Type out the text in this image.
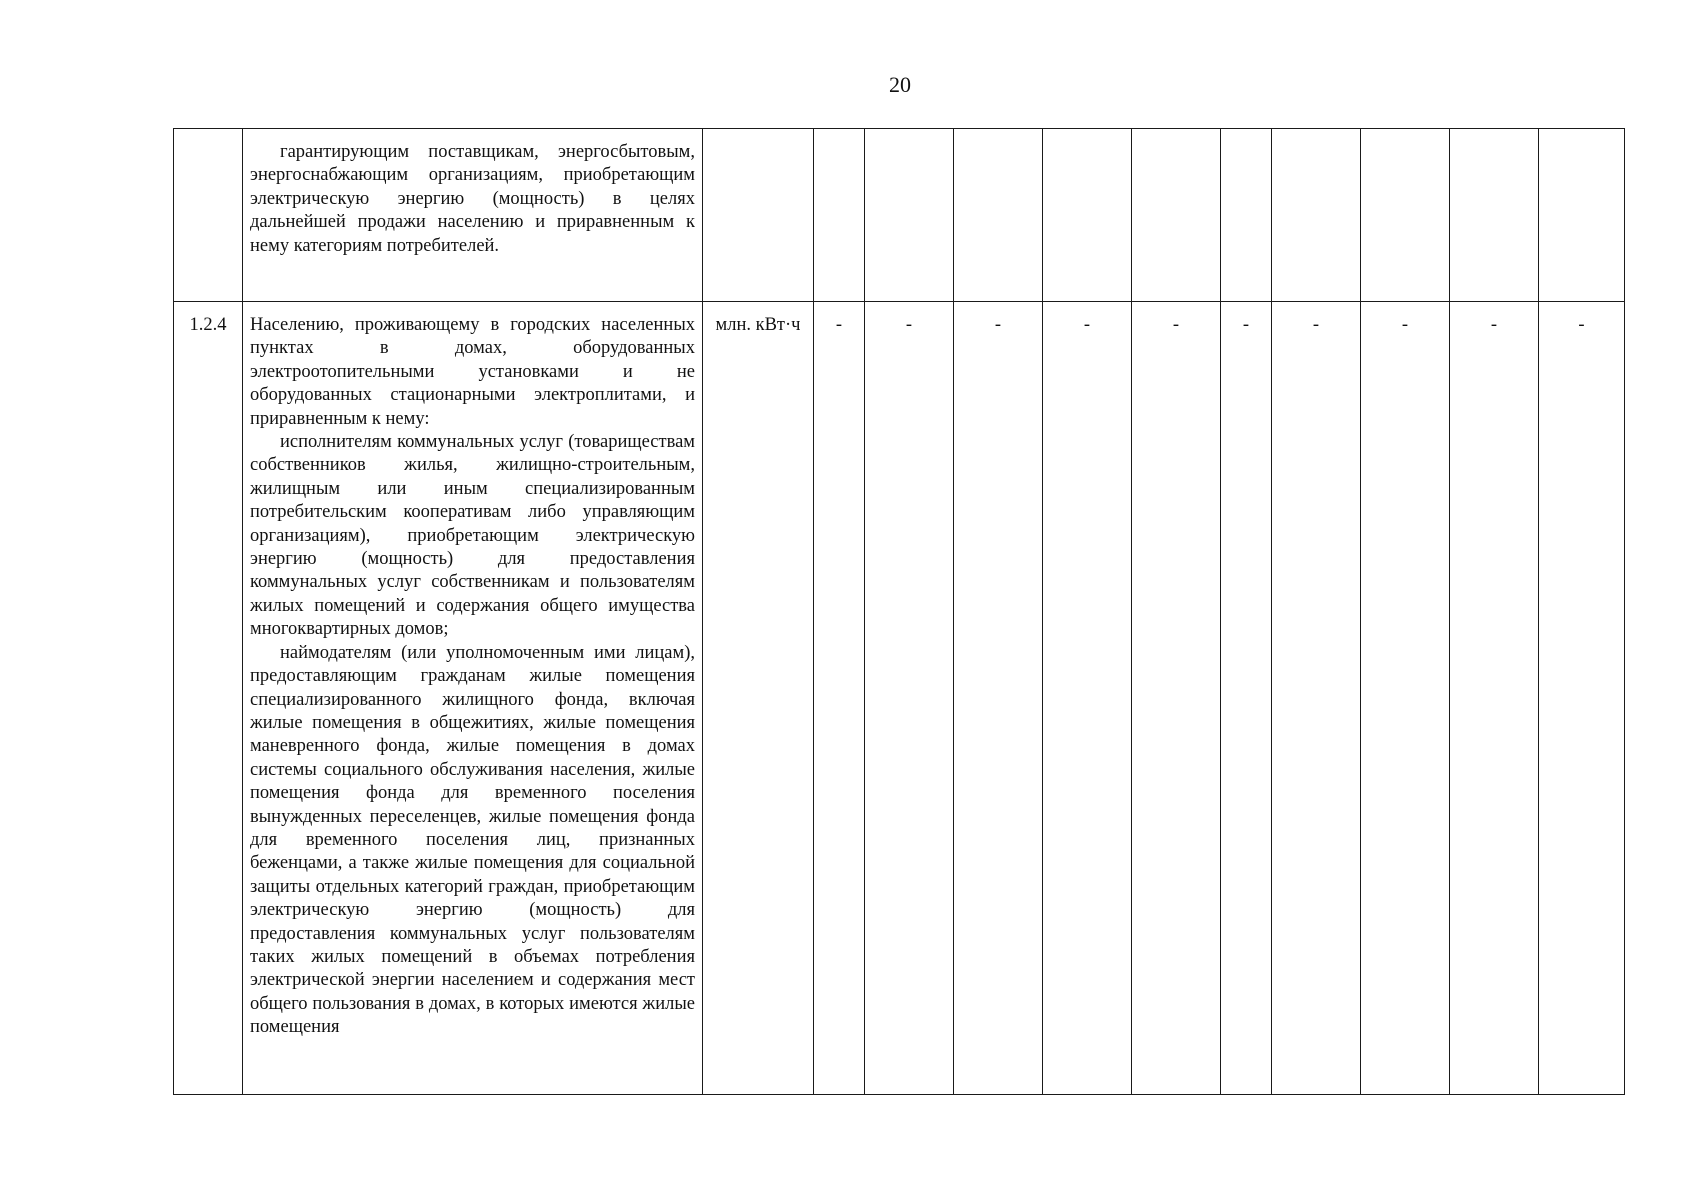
20

	гарантирующим поставщикам, энергосбытовым, энергоснабжающим организациям, приобретающим электрическую энергию (мощность) в целях дальнейшей продажи населению и приравненным к нему категориям потребителей.											

1.2.4	Населению, проживающему в городских населенных пунктах в домах, оборудованных электроотопительными установками и не оборудованных стационарными электроплитами, и приравненным к нему:

исполнителям коммунальных услуг (товариществам собственников жилья, жилищно-строительным, жилищным или иным специализированным потребительским кооперативам либо управляющим организациям), приобретающим электрическую энергию (мощность) для предоставления коммунальных услуг собственникам и пользователям жилых помещений и содержания общего имущества многоквартирных домов;

наймодателям (или уполномоченным ими лицам), предоставляющим гражданам жилые помещения специализированного жилищного фонда, включая жилые помещения в общежитиях, жилые помещения маневренного фонда, жилые помещения в домах системы социального обслуживания населения, жилые помещения фонда для временного поселения вынужденных переселенцев, жилые помещения фонда для временного поселения лиц, признанных беженцами, а также жилые помещения для социальной защиты отдельных категорий граждан, приобретающим электрическую энергию (мощность) для предоставления коммунальных услуг пользователям таких жилых помещений в объемах потребления электрической энергии населением и содержания мест общего пользования в домах, в которых имеются жилые помещения	млн. кВт·ч	-	-	-	-	-	-	-	-	-	-
